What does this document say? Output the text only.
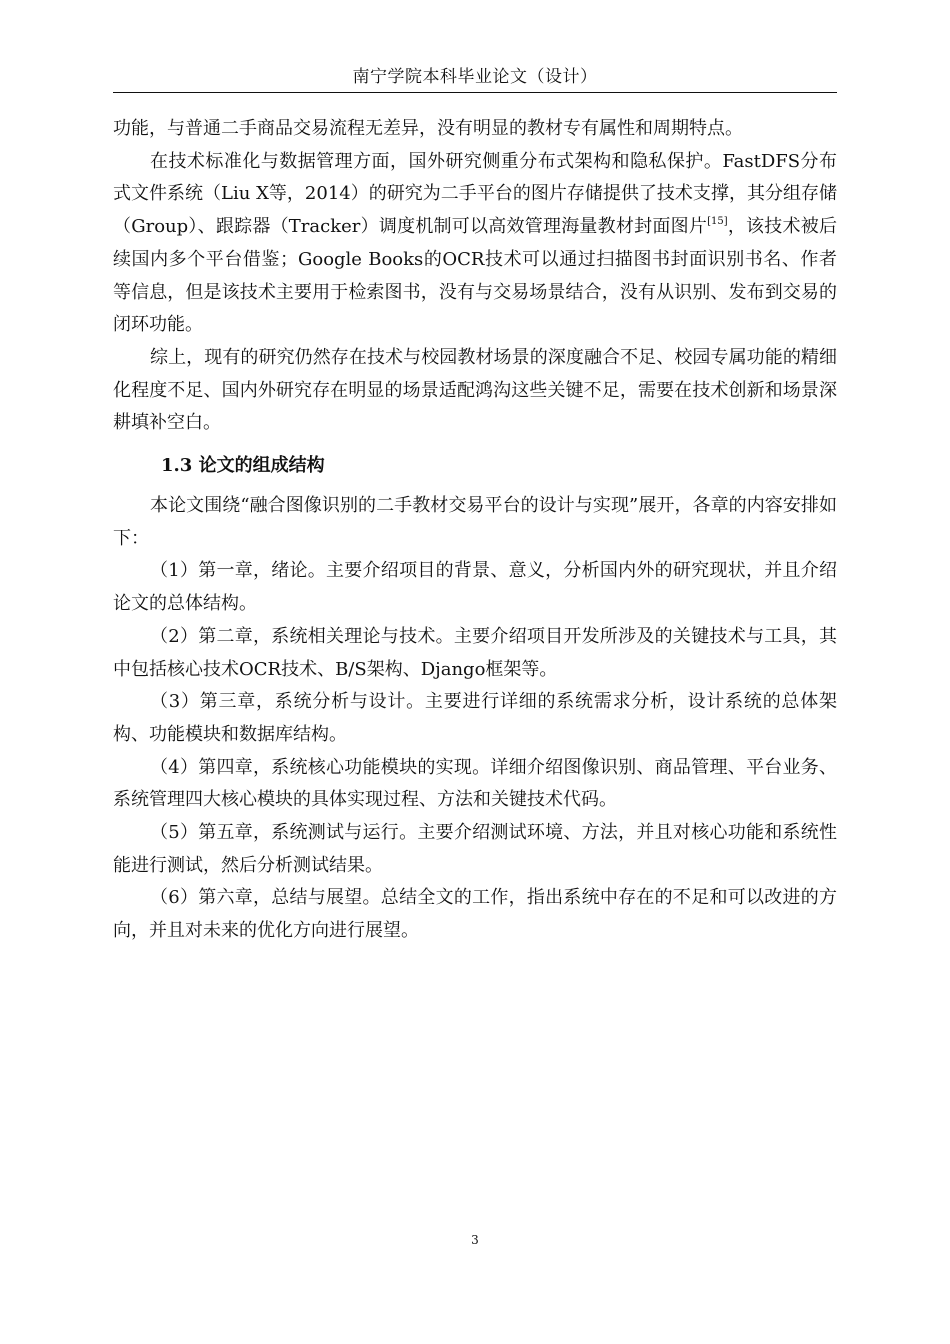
南宁学院本科毕业论文（设计）

功能，与普通二手商品交易流程无差异，没有明显的教材专有属性和周期特点。

在技术标准化与数据管理方面，国外研究侧重分布式架构和隐私保护。FastDFS分布式文件系统（Liu X等，2014）的研究为二手平台的图片存储提供了技术支撑，其分组存储（Group）、跟踪器（Tracker）调度机制可以高效管理海量教材封面图片[15]，该技术被后续国内多个平台借鉴；Google Books的OCR技术可以通过扫描图书封面识别书名、作者等信息，但是该技术主要用于检索图书，没有与交易场景结合，没有从识别、发布到交易的闭环功能。

综上，现有的研究仍然存在技术与校园教材场景的深度融合不足、校园专属功能的精细化程度不足、国内外研究存在明显的场景适配鸿沟这些关键不足，需要在技术创新和场景深耕填补空白。

1.3 论文的组成结构

本论文围绕“融合图像识别的二手教材交易平台的设计与实现”展开，各章的内容安排如下：

（1）第一章，绪论。主要介绍项目的背景、意义，分析国内外的研究现状，并且介绍论文的总体结构。

（2）第二章，系统相关理论与技术。主要介绍项目开发所涉及的关键技术与工具，其中包括核心技术OCR技术、B/S架构、Django框架等。

（3）第三章，系统分析与设计。主要进行详细的系统需求分析，设计系统的总体架构、功能模块和数据库结构。

（4）第四章，系统核心功能模块的实现。详细介绍图像识别、商品管理、平台业务、系统管理四大核心模块的具体实现过程、方法和关键技术代码。

（5）第五章，系统测试与运行。主要介绍测试环境、方法，并且对核心功能和系统性能进行测试，然后分析测试结果。

（6）第六章，总结与展望。总结全文的工作，指出系统中存在的不足和可以改进的方向，并且对未来的优化方向进行展望。

3
